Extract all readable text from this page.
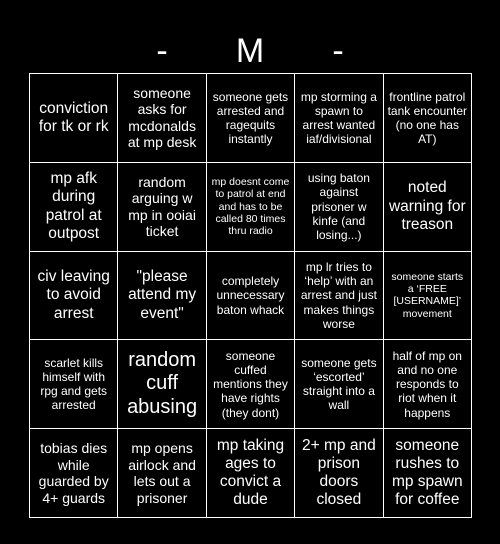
-	M	-
conviction for tk or rk
someone asks for mcdonalds at mp desk
someone gets arrested and ragequits instantly
mp storming a spawn to arrest wanted iaf/divisional
frontline patrol tank encounter (no one has AT)
mp afk during patrol at outpost
random arguing w mp in ooiai ticket
mp doesnt come to patrol at end and has to be called 80 times thru radio
using baton against prisoner w kinfe (and losing...)
noted warning for treason
civ leaving to avoid arrest
"please attend my event"
completely unnecessary baton whack
mp lr tries to ‘help’ with an arrest and just makes things worse
someone starts a ‘FREE [USERNAME]’ movement
scarlet kills himself with rpg and gets arrested
random cuff abusing
someone cuffed mentions they have rights (they dont)
someone gets ‘escorted’ straight into a wall
half of mp on and no one responds to riot when it happens
tobias dies while guarded by 4+ guards
mp opens airlock and lets out a prisoner
mp taking ages to convict a dude
2+ mp and prison doors closed
someone rushes to mp spawn for coffee
